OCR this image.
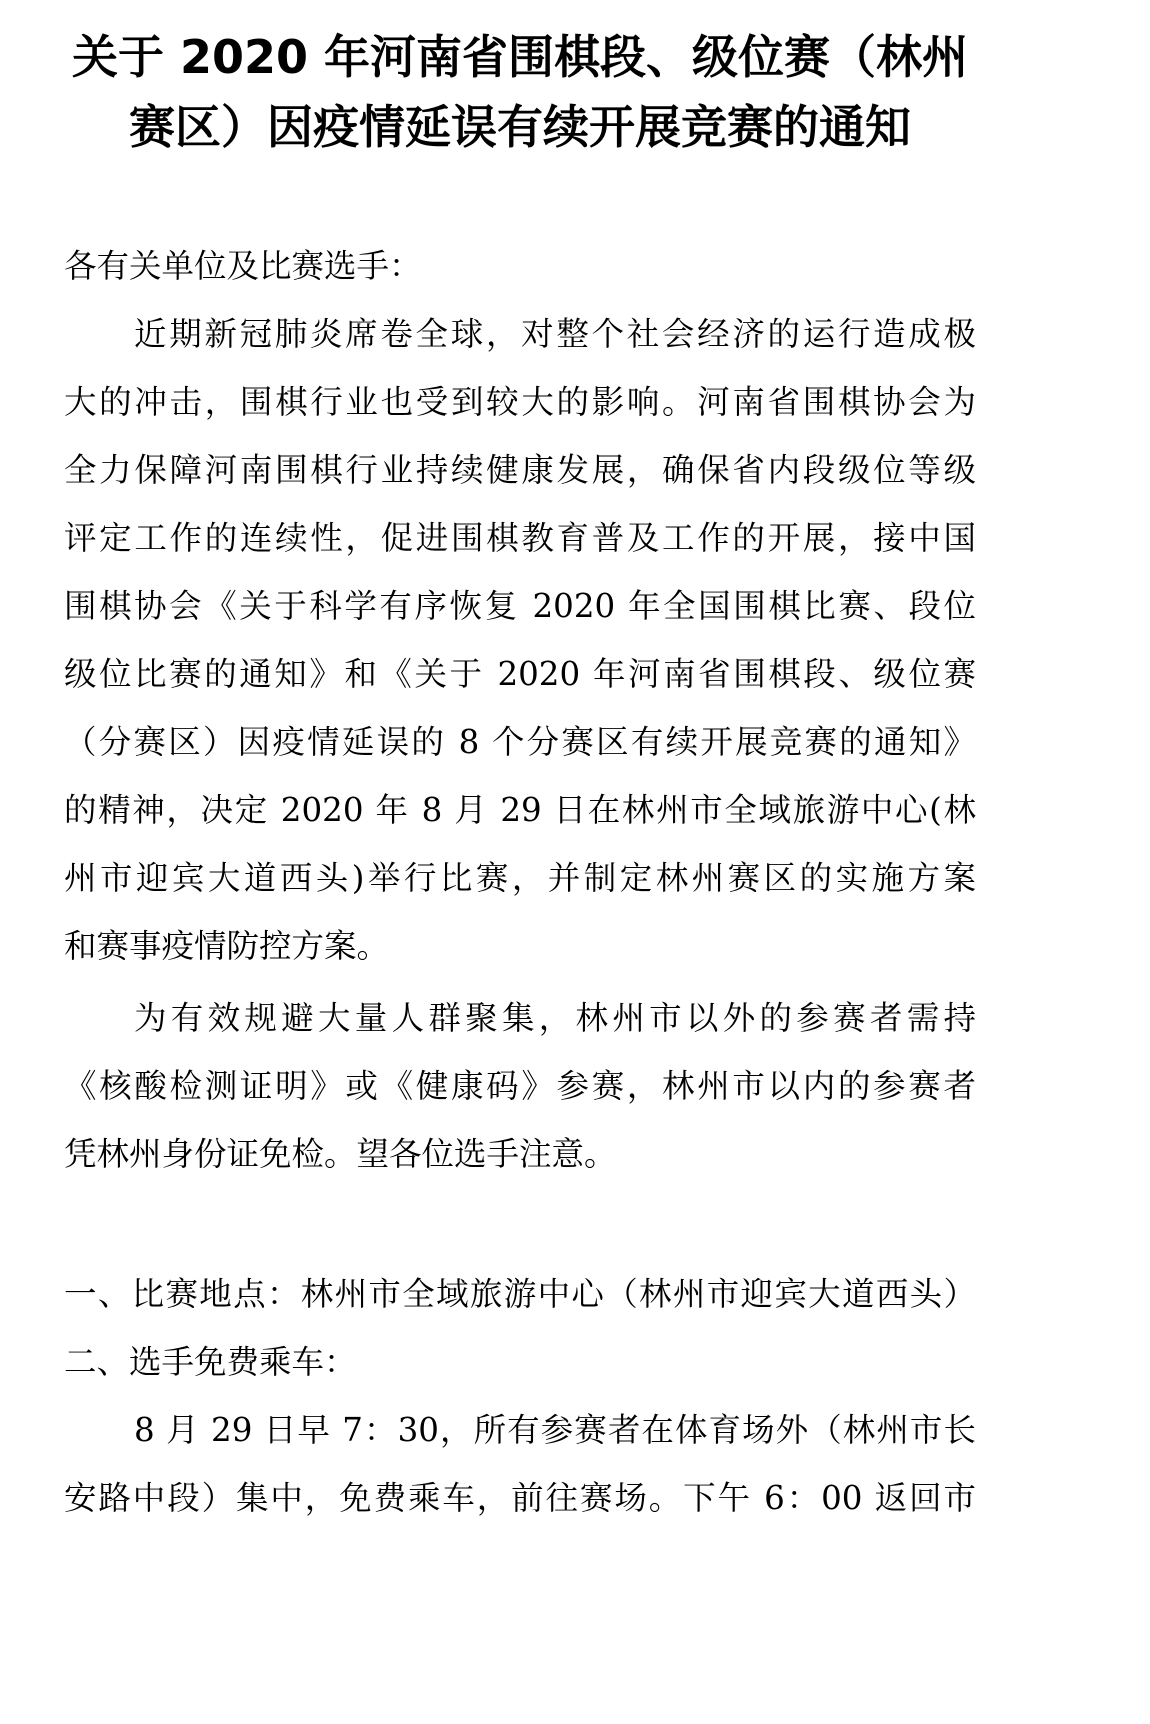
关于 2020 年河南省围棋段、级位赛（林州
赛区）因疫情延误有续开展竞赛的通知
各有关单位及比赛选手：
近期新冠肺炎席卷全球，对整个社会经济的运行造成极
大的冲击，围棋行业也受到较大的影响。河南省围棋协会为
全力保障河南围棋行业持续健康发展，确保省内段级位等级
评定工作的连续性，促进围棋教育普及工作的开展，接中国
围棋协会《关于科学有序恢复 2020 年全国围棋比赛、段位
级位比赛的通知》和《关于 2020 年河南省围棋段、级位赛
（分赛区）因疫情延误的 8 个分赛区有续开展竞赛的通知》
的精神，决定 2020 年 8 月 29 日在林州市全域旅游中心(林
州市迎宾大道西头)举行比赛，并制定林州赛区的实施方案
和赛事疫情防控方案。
为有效规避大量人群聚集，林州市以外的参赛者需持
《核酸检测证明》或《健康码》参赛，林州市以内的参赛者
凭林州身份证免检。望各位选手注意。
一、比赛地点：林州市全域旅游中心（林州市迎宾大道西头）
二、选手免费乘车：
8 月 29 日早 7：30，所有参赛者在体育场外（林州市长
安路中段）集中，免费乘车，前往赛场。下午 6：00 返回市
